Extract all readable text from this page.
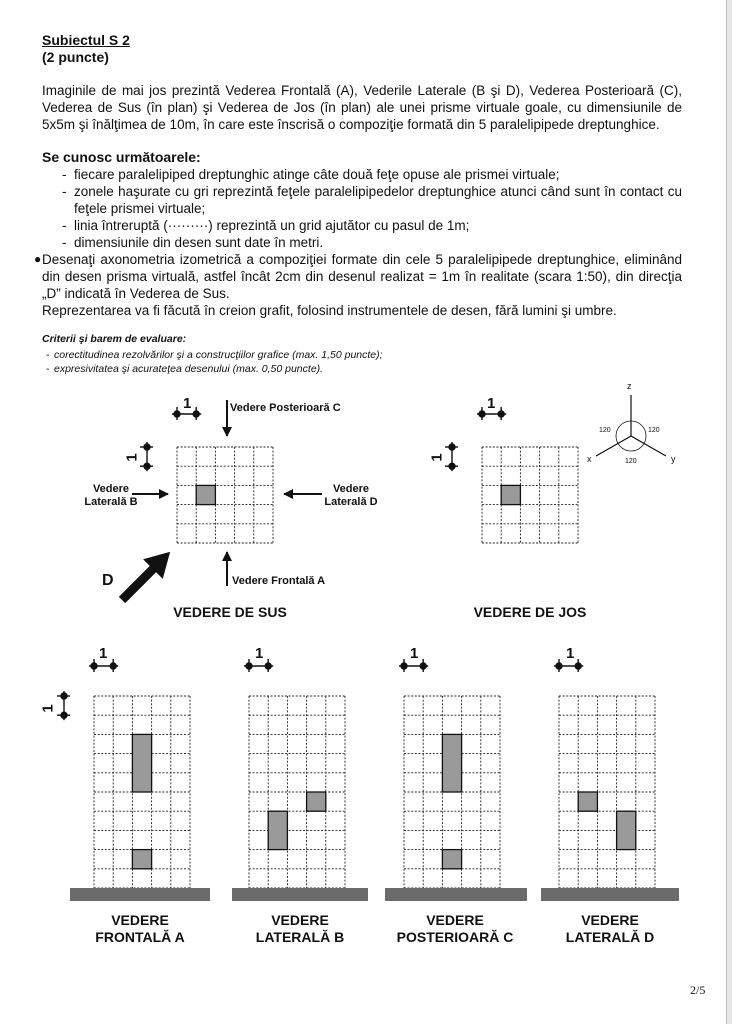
Subiectul S 2
(2 puncte)
Imaginile de mai jos prezintă Vederea Frontală (A), Vederile Laterale (B şi D), Vederea Posterioară (C), Vederea de Sus (în plan) şi Vederea de Jos (în plan) ale unei prisme virtuale goale, cu dimensiunile de 5x5m şi înălţimea de 10m, în care este înscrisă o compoziţie formată din 5 paralelipipede dreptunghice.
Se cunosc următoarele:
- fiecare paralelipiped dreptunghic atinge câte două feţe opuse ale prismei virtuale;
- zonele haşurate cu gri reprezintă feţele paralelipipedelor dreptunghice atunci când sunt în contact cu feţele prismei virtuale;
- linia întreruptă (·········) reprezintă un grid ajutător cu pasul de 1m;
- dimensiunile din desen sunt date în metri.
● Desenaţi axonometria izometrică a compoziţiei formate din cele 5 paralelipipede dreptunghice, eliminând din desen prisma virtuală, astfel încât 2cm din desenul realizat = 1m în realitate (scara 1:50), din direcţia „D” indicată în Vederea de Sus.
Reprezentarea va fi făcută în creion grafit, folosind instrumentele de desen, fără lumini şi umbre.
Criterii şi barem de evaluare:
- corectitudinea rezolvărilor şi a construcţiilor grafice (max. 1,50 puncte);
- expresivitatea şi acurateţea desenului (max. 0,50 puncte).
Vedere Posterioară C
Vedere
Laterală B
Vedere
Laterală D
Vedere Frontală A
D
1
1
1
1
1	1	1	1
1
z
x	y
120	120
120
VEDERE DE SUS	VEDERE DE JOS
VEDERE
FRONTALĂ A
VEDERE
LATERALĂ B
VEDERE
POSTERIOARĂ C
VEDERE
LATERALĂ D
2/5
